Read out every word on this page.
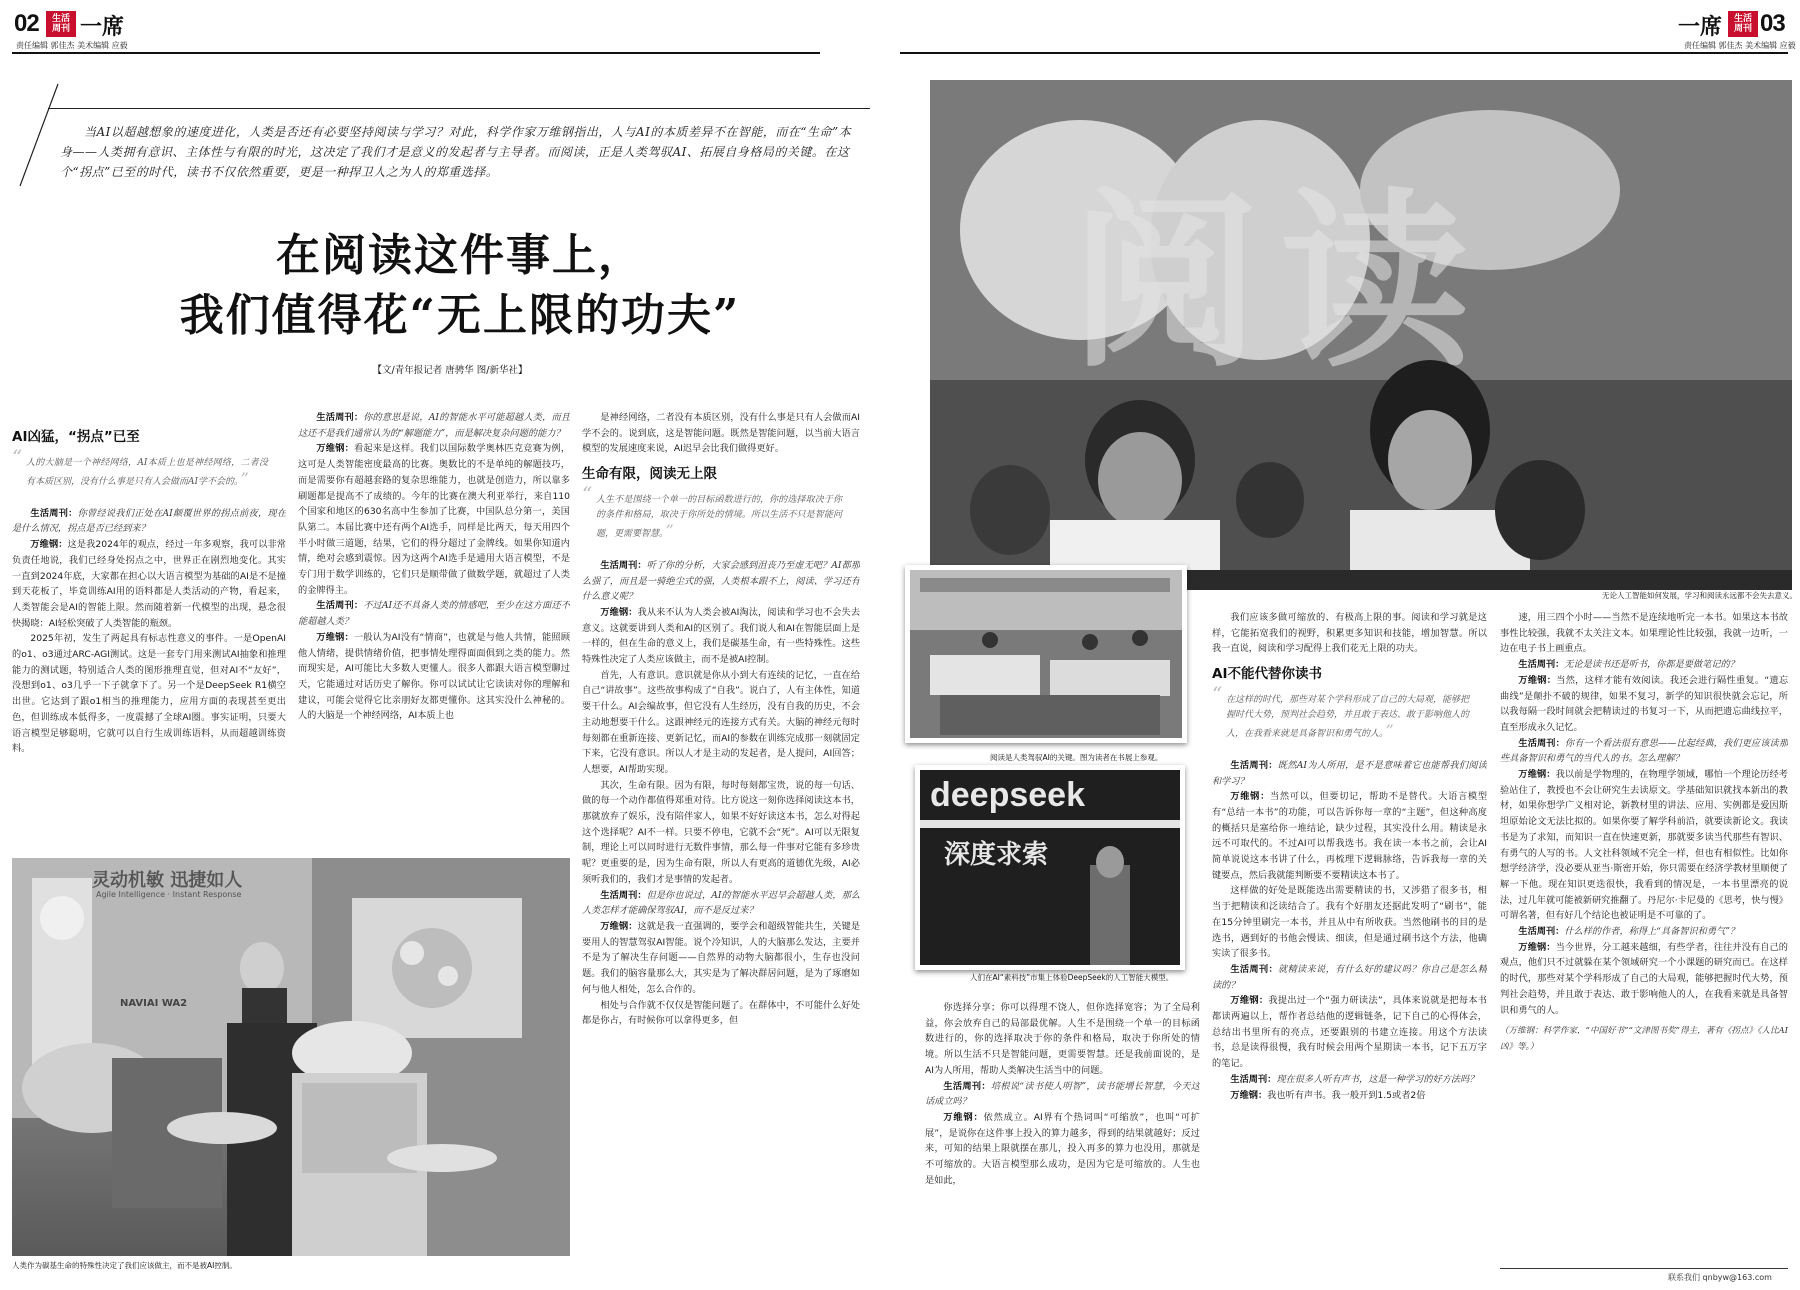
02	生活周刊 一席
责任编辑 郭佳杰 美术编辑 应毅
一席	生活周刊 03
责任编辑 郭佳杰 美术编辑 应毅
当AI以超越想象的速度进化，人类是否还有必要坚持阅读与学习？对此，科学作家万维钢指出，人与AI的本质差异不在智能，而在“生命”本身——人类拥有意识、主体性与有限的时光，这决定了我们才是意义的发起者与主导者。而阅读，正是人类驾驭AI、拓展自身格局的关键。在这个“拐点”已至的时代，读书不仅依然重要，更是一种捍卫人之为人的郑重选择。
在阅读这件事上，
我们值得花“无上限的功夫”
【文/青年报记者 唐骋华 图/新华社】
AI凶猛，“拐点”已至
“ 人的大脑是一个神经网络，AI本质上也是神经网络，二者没有本质区别，没有什么事是只有人会做而AI学不会的。 ”

生活周刊：你曾经说我们正处在AI颠覆世界的拐点前夜，现在是什么情况，拐点是否已经到来？

万维钢：这是我2024年的观点，经过一年多观察，我可以非常负责任地说，我们已经身处拐点之中，世界正在剧烈地变化。其实一直到2024年底，大家都在担心以大语言模型为基础的AI是不是撞到天花板了，毕竟训练AI用的语料都是人类活动的产物，看起来，人类智能会是AI的智能上限。然而随着新一代模型的出现，悬念很快揭晓：AI轻松突破了人类智能的瓶颈。

2025年初，发生了两起具有标志性意义的事件。一是OpenAI的o1、o3通过ARC-AGI测试。这是一套专门用来测试AI抽象和推理能力的测试题，特别适合人类的图形推理直觉，但对AI不“友好”，没想到o1、o3几乎一下子就拿下了。另一个是DeepSeek R1横空出世。它达到了跟o1相当的推理能力，应用方面的表现甚至更出色，但训练成本低得多，一度震撼了全球AI圈。事实证明，只要大语言模型足够聪明，它就可以自行生成训练语料，从而超越训练资料。

生活周刊：你的意思是说，AI的智能水平可能超越人类，而且这还不是我们通常认为的“解题能力”，而是解决复杂问题的能力？

万维钢：看起来是这样。我们以国际数学奥林匹克竞赛为例，这可是人类智能密度最高的比赛。奥数比的不是单纯的解题技巧，而是需要你有超越套路的复杂思维能力，也就是创造力，所以靠多刷题都是提高不了成绩的。今年的比赛在澳大利亚举行，来自110个国家和地区的630名高中生参加了比赛，中国队总分第一，美国队第二。本届比赛中还有两个AI选手，同样是比两天，每天用四个半小时做三道题，结果，它们的得分超过了金牌线。如果你知道内情，绝对会感到震惊。因为这两个AI选手是通用大语言模型，不是专门用于数学训练的，它们只是顺带做了做数学题，就超过了人类的金牌得主。

生活周刊：不过AI还不具备人类的情感吧，至少在这方面还不能超越人类？

万维钢：一般认为AI没有“情商”，也就是与他人共情，能照顾他人情绪，提供情绪价值，把事情处理得面面俱到之类的能力。然而现实是，AI可能比大多数人更懂人。很多人都跟大语言模型聊过天，它能通过对话历史了解你。你可以试试让它读读对你的理解和建议，可能会觉得它比亲朋好友都更懂你。这其实没什么神秘的。人的大脑是一个神经网络，AI本质上也

是神经网络，二者没有本质区别，没有什么事是只有人会做而AI学不会的。说到底，这是智能问题。既然是智能问题，以当前大语言模型的发展速度来说，AI迟早会比我们做得更好。

生命有限，阅读无上限
“ 人生不是围绕一个单一的目标函数进行的，你的选择取决于你的条件和格局，取决于你所处的情境。所以生活不只是智能问题，更需要智慧。 ”

生活周刊：听了你的分析，大家会感到沮丧乃至虚无吧？AI都那么强了，而且是一骑绝尘式的强，人类根本跟不上，阅读、学习还有什么意义呢？

万维钢：我从来不认为人类会被AI淘汰，阅读和学习也不会失去意义。这就要讲到人类和AI的区别了。我们说人和AI在智能层面上是一样的，但在生命的意义上，我们是碳基生命，有一些特殊性。这些特殊性决定了人类应该做主，而不是被AI控制。

首先，人有意识。意识就是你从小到大有连续的记忆，一直在给自己“讲故事”。这些故事构成了“自我”。说白了，人有主体性，知道要干什么。AI会编故事，但它没有人生经历，没有自我的历史，不会主动地想要干什么。这跟神经元的连接方式有关。大脑的神经元每时每刻都在重新连接、更新记忆，而AI的参数在训练完成那一刻就固定下来，它没有意识。所以人才是主动的发起者，是人提问，AI回答；人想要，AI帮助实现。

其次，生命有限。因为有限，每时每刻都宝贵，说的每一句话、做的每一个动作都值得郑重对待。比方说这一刻你选择阅读这本书，那就放弃了娱乐，没有陪伴家人，如果不好好读这本书，怎么对得起这个选择呢？AI不一样。只要不停电，它就不会“死”。AI可以无限复制，理论上可以同时进行无数件事情，那么每一件事对它能有多珍贵呢？更重要的是，因为生命有限，所以人有更高的道德优先级，AI必须听我们的，我们才是事情的发起者。

生活周刊：但是你也说过，AI的智能水平迟早会超越人类，那么人类怎样才能确保驾驭AI，而不是反过来？

万维钢：这就是我一直强调的，要学会和超级智能共生，关键是要用人的智慧驾驭AI智能。说个冷知识，人的大脑那么发达，主要并不是为了解决生存问题——自然界的动物大脑都很小，生存也没问题。我们的脑容量那么大，其实是为了解决群居问题，是为了琢磨如何与他人相处，怎么合作的。

相处与合作就不仅仅是智能问题了。在群体中，不可能什么好处都是你占，有时候你可以拿得更多，但

灵动机敏 迅捷如人
Agile Intelligence · Instant Response
NAVIAI WA2
人类作为碳基生命的特殊性决定了我们应该做主，而不是被AI控制。
阅读
无论人工智能如何发展，学习和阅读永远都不会失去意义。
阅读是人类驾驭AI的关键。图为读者在书展上参观。
deepseek
深度求索
人们在AI“素科技”市集上体验DeepSeek的人工智能大模型。

你选择分享；你可以得理不饶人，但你选择宽容；为了全局利益，你会放弃自己的局部最优解。人生不是围绕一个单一的目标函数进行的，你的选择取决于你的条件和格局，取决于你所处的情境。所以生活不只是智能问题，更需要智慧。还是我前面说的，是AI为人所用，帮助人类解决生活当中的问题。

生活周刊：培根说“读书使人明智”，读书能增长智慧，今天这话成立吗？

万维钢：依然成立。AI界有个热词叫“可缩放”，也叫“可扩展”，是说你在这件事上投入的算力越多，得到的结果就越好；反过来，可知的结果上限就摆在那儿，投入再多的算力也没用，那就是不可缩放的。大语言模型那么成功，是因为它是可缩放的。人生也是如此，

我们应该多做可缩放的、有极高上限的事。阅读和学习就是这样，它能拓宽我们的视野，积累更多知识和技能，增加智慧。所以我一直说，阅读和学习配得上我们花无上限的功夫。

AI不能代替你读书
“ 在这样的时代，那些对某个学科形成了自己的大局观，能够把握时代大势，预判社会趋势，并且敢于表达、敢于影响他人的人，在我看来就是具备智识和勇气的人。 ”

生活周刊：既然AI为人所用，是不是意味着它也能帮我们阅读和学习？

万维钢：当然可以，但要切记，帮助不是替代。大语言模型有“总结一本书”的功能，可以告诉你每一章的“主题”，但这种高度的概括只是塞给你一堆结论，缺少过程，其实没什么用。精读是永远不可取代的。不过AI可以帮我选书。我在读一本书之前，会让AI简单说说这本书讲了什么，再梳理下逻辑脉络，告诉我每一章的关键要点，然后我就能判断要不要精读这本书了。

这样做的好处是既能选出需要精读的书，又涉猎了很多书，相当于把精读和泛读结合了。我有个好朋友还据此发明了“刷书”，能在15分钟里刷完一本书，并且从中有所收获。当然他刷书的目的是选书，遇到好的书他会慢读、细读，但是通过刷书这个方法，他确实读了很多书。

生活周刊：就精读来说，有什么好的建议吗？你自己是怎么精读的？

万维钢：我提出过一个“强力研读法”，具体来说就是把每本书都读两遍以上，帮作者总结他的逻辑链条，记下自己的心得体会，总结出书里所有的亮点，还要跟别的书建立连接。用这个方法读书，总是读得很慢，我有时候会用两个星期读一本书，记下五万字的笔记。

生活周刊：现在很多人听有声书，这是一种学习的好方法吗？

万维钢：我也听有声书。我一般开到1.5或者2倍

速，用三四个小时——当然不是连续地听完一本书。如果这本书故事性比较强，我就不太关注文本。如果理论性比较强，我就一边听，一边在电子书上画重点。

生活周刊：无论是读书还是听书，你都是要做笔记的？

万维钢：当然，这样才能有效阅读。我还会进行隔性重复。“遗忘曲线”是颠扑不破的规律，如果不复习，新学的知识很快就会忘记，所以我每隔一段时间就会把精读过的书复习一下，从而把遗忘曲线拉平，直至形成永久记忆。

生活周刊：你有一个看法很有意思——比起经典，我们更应该读那些具备智识和勇气的当代人的书。怎么理解？

万维钢：我以前是学物理的，在物理学领域，哪怕一个理论历经考验站住了，教授也不会让研究生去读原文。学基础知识就找本新出的教材，如果你想学广义相对论，新教材里的讲法、应用、实例都是爱因斯坦原始论文无法比拟的。如果你要了解学科前沿，就要读新论文。我读书是为了求知，而知识一直在快速更新，那就要多读当代那些有智识、有勇气的人写的书。人文社科领域不完全一样，但也有相似性。比如你想学经济学，没必要从亚当·斯密开始，你只需要在经济学教材里顺便了解一下他。现在知识更迭很快，我看到的情况是，一本书里漂亮的说法，过几年就可能被新研究推翻了。丹尼尔·卡尼曼的《思考，快与慢》可谓名著，但有好几个结论也被证明是不可靠的了。

生活周刊：什么样的作者，称得上“具备智识和勇气”？

万维钢：当今世界，分工越来越细，有些学者，往往并没有自己的观点，他们只不过就躲在某个领域研究一个小课题的研究而已。在这样的时代，那些对某个学科形成了自己的大局观，能够把握时代大势，预判社会趋势，并且敢于表达、敢于影响他人的人，在我看来就是具备智识和勇气的人。

（万维钢：科学作家，“中国好书”“文津图书奖”得主，著有《拐点》《人比AI凶》等。）

联系我们 qnbyw@163.com
